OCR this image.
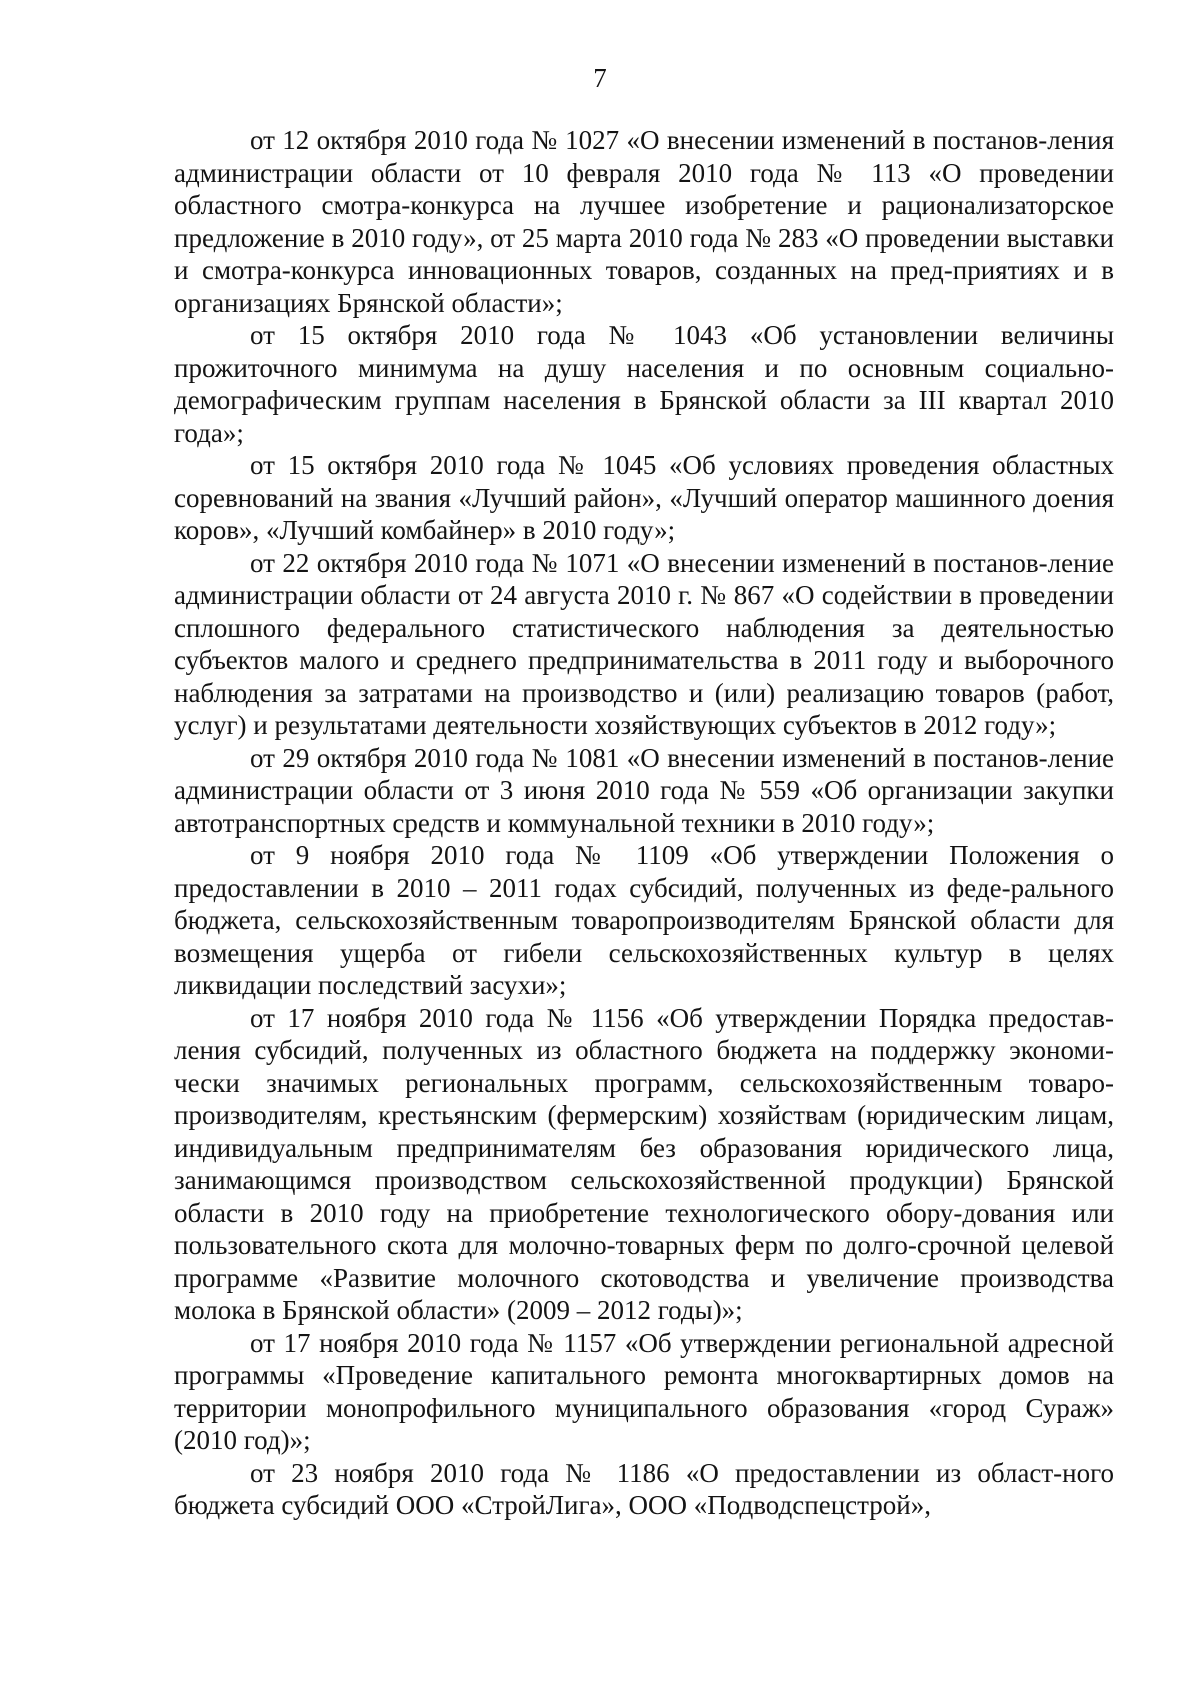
7

от 12 октября 2010 года № 1027 «О внесении изменений в постанов-ления администрации области от 10 февраля 2010 года № 113 «О проведении областного смотра-конкурса на лучшее изобретение и рационализаторское предложение в 2010 году», от 25 марта 2010 года № 283 «О проведении выставки и смотра-конкурса инновационных товаров, созданных на пред-приятиях и в организациях Брянской области»;

от 15 октября 2010 года № 1043 «Об установлении величины прожиточного минимума на душу населения и по основным социально-демографическим группам населения в Брянской области за III квартал 2010 года»;

от 15 октября 2010 года № 1045 «Об условиях проведения областных соревнований на звания «Лучший район», «Лучший оператор машинного доения коров», «Лучший комбайнер» в 2010 году»;

от 22 октября 2010 года № 1071 «О внесении изменений в постанов-ление администрации области от 24 августа 2010 г. № 867 «О содействии в проведении сплошного федерального статистического наблюдения за деятельностью субъектов малого и среднего предпринимательства в 2011 году и выборочного наблюдения за затратами на производство и (или) реализацию товаров (работ, услуг) и результатами деятельности хозяйствующих субъектов в 2012 году»;

от 29 октября 2010 года № 1081 «О внесении изменений в постанов-ление администрации области от 3 июня 2010 года № 559 «Об организации закупки автотранспортных средств и коммунальной техники в 2010 году»;

от 9 ноября 2010 года № 1109 «Об утверждении Положения о предоставлении в 2010 – 2011 годах субсидий, полученных из феде-рального бюджета, сельскохозяйственным товаропроизводителям Брянской области для возмещения ущерба от гибели сельскохозяйственных культур в целях ликвидации последствий засухи»;

от 17 ноября 2010 года № 1156 «Об утверждении Порядка предостав-ления субсидий, полученных из областного бюджета на поддержку экономи-чески значимых региональных программ, сельскохозяйственным товаро-производителям, крестьянским (фермерским) хозяйствам (юридическим лицам, индивидуальным предпринимателям без образования юридического лица, занимающимся производством сельскохозяйственной продукции) Брянской области в 2010 году на приобретение технологического обору-дования или пользовательного скота для молочно-товарных ферм по долго-срочной целевой программе «Развитие молочного скотоводства и увеличение производства молока в Брянской области» (2009 – 2012 годы)»;

от 17 ноября 2010 года № 1157 «Об утверждении региональной адресной программы «Проведение капитального ремонта многоквартирных домов на территории монопрофильного муниципального образования «город Сураж» (2010 год)»;

от 23 ноября 2010 года № 1186 «О предоставлении из област-ного бюджета субсидий ООО «СтройЛига», ООО «Подводспецстрой»,
